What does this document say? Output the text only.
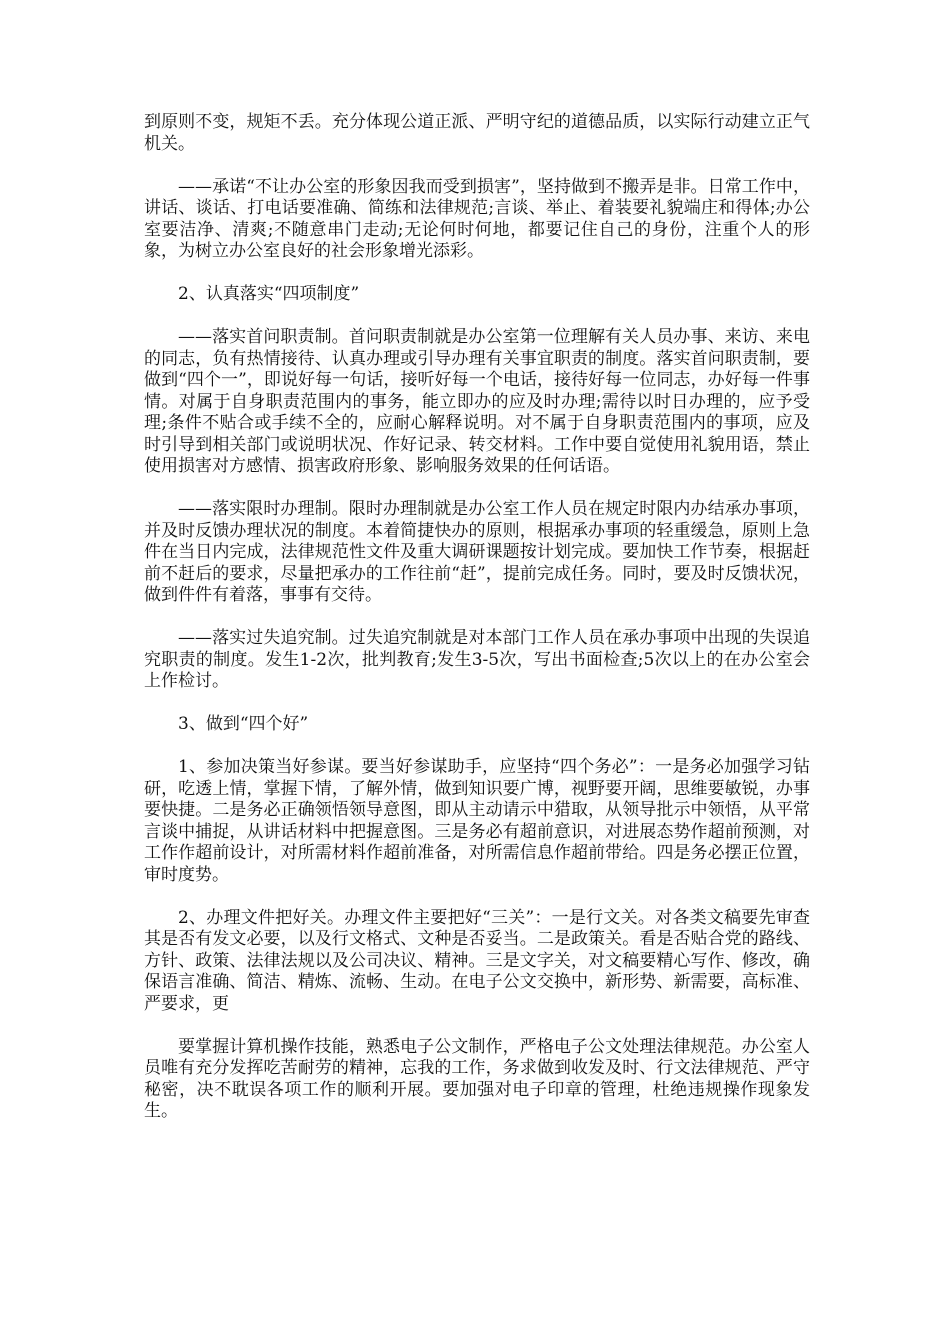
到原则不变，规矩不丢。充分体现公道正派、严明守纪的道德品质，以实际行动建立正气机关。

——承诺“不让办公室的形象因我而受到损害”，坚持做到不搬弄是非。日常工作中，讲话、谈话、打电话要准确、简练和法律规范;言谈、举止、着装要礼貌端庄和得体;办公室要洁净、清爽;不随意串门走动;无论何时何地，都要记住自己的身份，注重个人的形象，为树立办公室良好的社会形象增光添彩。

2、认真落实“四项制度”

——落实首问职责制。首问职责制就是办公室第一位理解有关人员办事、来访、来电的同志，负有热情接待、认真办理或引导办理有关事宜职责的制度。落实首问职责制，要做到“四个一”，即说好每一句话，接听好每一个电话，接待好每一位同志，办好每一件事情。对属于自身职责范围内的事务，能立即办的应及时办理;需待以时日办理的，应予受理;条件不贴合或手续不全的，应耐心解释说明。对不属于自身职责范围内的事项，应及时引导到相关部门或说明状况、作好记录、转交材料。工作中要自觉使用礼貌用语，禁止使用损害对方感情、损害政府形象、影响服务效果的任何话语。

——落实限时办理制。限时办理制就是办公室工作人员在规定时限内办结承办事项，并及时反馈办理状况的制度。本着简捷快办的原则，根据承办事项的轻重缓急，原则上急件在当日内完成，法律规范性文件及重大调研课题按计划完成。要加快工作节奏，根据赶前不赶后的要求，尽量把承办的工作往前“赶”，提前完成任务。同时，要及时反馈状况，做到件件有着落，事事有交待。

——落实过失追究制。过失追究制就是对本部门工作人员在承办事项中出现的失误追究职责的制度。发生1-2次，批判教育;发生3-5次，写出书面检查;5次以上的在办公室会上作检讨。

3、做到“四个好”

1、参加决策当好参谋。要当好参谋助手，应坚持“四个务必”：一是务必加强学习钻研，吃透上情，掌握下情，了解外情，做到知识要广博，视野要开阔，思维要敏锐，办事要快捷。二是务必正确领悟领导意图，即从主动请示中猎取，从领导批示中领悟，从平常言谈中捕捉，从讲话材料中把握意图。三是务必有超前意识，对进展态势作超前预测，对工作作超前设计，对所需材料作超前准备，对所需信息作超前带给。四是务必摆正位置，审时度势。

2、办理文件把好关。办理文件主要把好“三关”：一是行文关。对各类文稿要先审查其是否有发文必要，以及行文格式、文种是否妥当。二是政策关。看是否贴合党的路线、方针、政策、法律法规以及公司决议、精神。三是文字关，对文稿要精心写作、修改，确保语言准确、简洁、精炼、流畅、生动。在电子公文交换中，新形势、新需要，高标准、严要求，更

要掌握计算机操作技能，熟悉电子公文制作，严格电子公文处理法律规范。办公室人员唯有充分发挥吃苦耐劳的精神，忘我的工作，务求做到收发及时、行文法律规范、严守秘密，决不耽误各项工作的顺利开展。要加强对电子印章的管理，杜绝违规操作现象发生。
